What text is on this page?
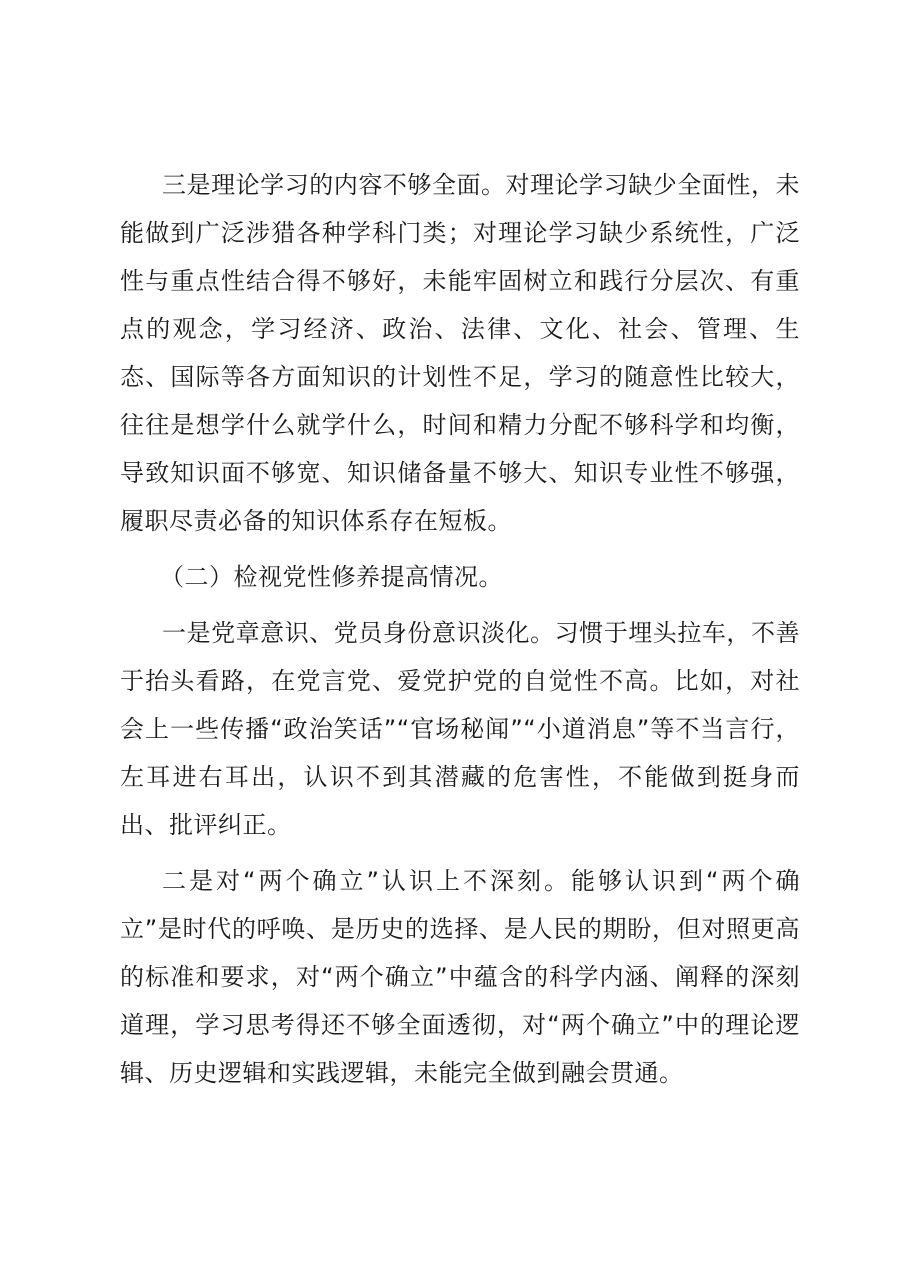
三是理论学习的内容不够全面。对理论学习缺少全面性，未能做到广泛涉猎各种学科门类；对理论学习缺少系统性，广泛性与重点性结合得不够好，未能牢固树立和践行分层次、有重点的观念，学习经济、政治、法律、文化、社会、管理、生态、国际等各方面知识的计划性不足，学习的随意性比较大，往往是想学什么就学什么，时间和精力分配不够科学和均衡，导致知识面不够宽、知识储备量不够大、知识专业性不够强，履职尽责必备的知识体系存在短板。

（二）检视党性修养提高情况。

一是党章意识、党员身份意识淡化。习惯于埋头拉车，不善于抬头看路，在党言党、爱党护党的自觉性不高。比如，对社会上一些传播“政治笑话”“官场秘闻”“小道消息”等不当言行，左耳进右耳出，认识不到其潜藏的危害性，不能做到挺身而出、批评纠正。

二是对“两个确立”认识上不深刻。能够认识到“两个确立”是时代的呼唤、是历史的选择、是人民的期盼，但对照更高的标准和要求，对“两个确立”中蕴含的科学内涵、阐释的深刻道理，学习思考得还不够全面透彻，对“两个确立”中的理论逻辑、历史逻辑和实践逻辑，未能完全做到融会贯通。
